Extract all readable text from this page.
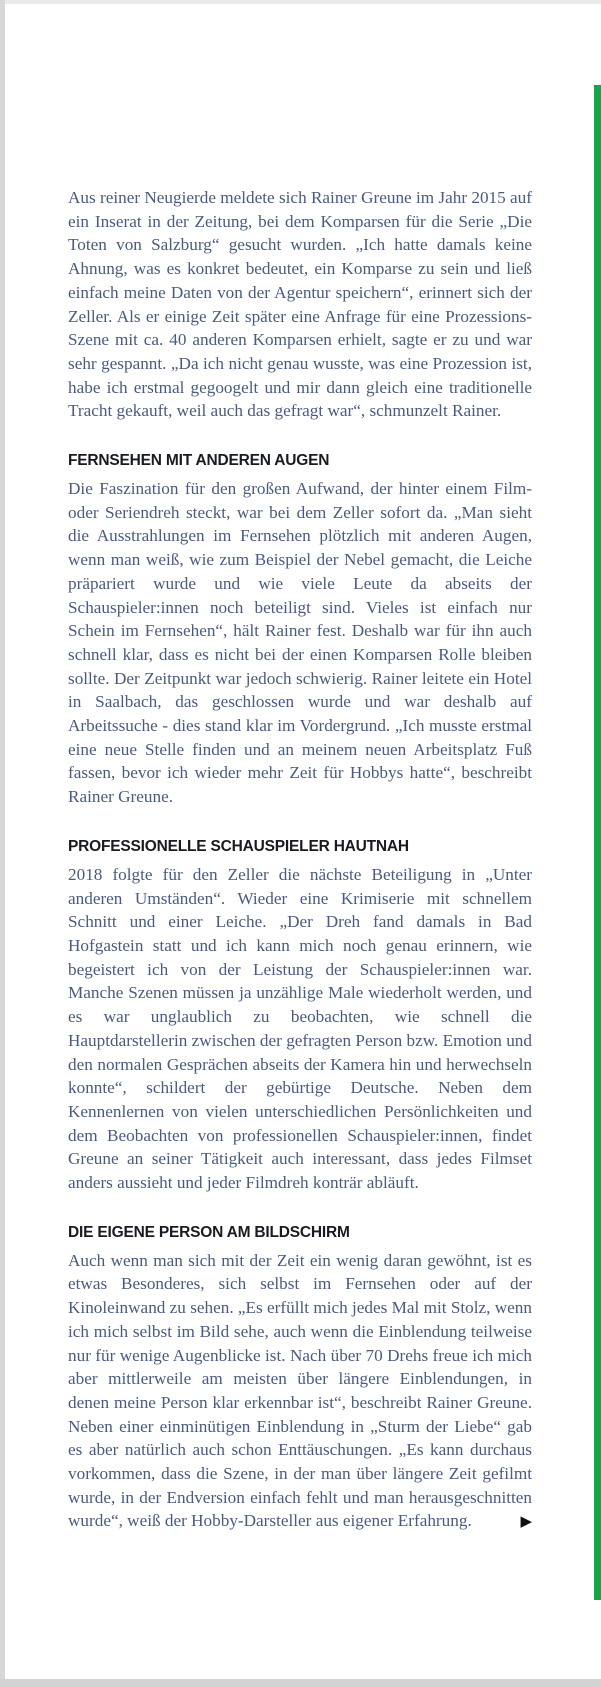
Aus reiner Neugierde meldete sich Rainer Greune im Jahr 2015 auf ein Inserat in der Zeitung, bei dem Komparsen für die Serie „Die Toten von Salzburg“ gesucht wurden. „Ich hatte damals keine Ahnung, was es konkret bedeutet, ein Komparse zu sein und ließ einfach meine Daten von der Agentur speichern“, erinnert sich der Zeller. Als er einige Zeit später eine Anfrage für eine Prozessions-Szene mit ca. 40 anderen Komparsen erhielt, sagte er zu und war sehr gespannt. „Da ich nicht genau wusste, was eine Prozession ist, habe ich erstmal gegoogelt und mir dann gleich eine traditionelle Tracht gekauft, weil auch das gefragt war“, schmunzelt Rainer.

FERNSEHEN MIT ANDEREN AUGEN

Die Faszination für den großen Aufwand, der hinter einem Film- oder Seriendreh steckt, war bei dem Zeller sofort da. „Man sieht die Ausstrahlungen im Fernsehen plötzlich mit anderen Augen, wenn man weiß, wie zum Beispiel der Nebel gemacht, die Leiche präpariert wurde und wie viele Leute da abseits der Schauspieler:innen noch beteiligt sind. Vieles ist einfach nur Schein im Fernsehen“, hält Rainer fest. Deshalb war für ihn auch schnell klar, dass es nicht bei der einen Komparsen Rolle bleiben sollte. Der Zeitpunkt war jedoch schwierig. Rainer leitete ein Hotel in Saalbach, das geschlossen wurde und war deshalb auf Arbeitssuche - dies stand klar im Vordergrund. „Ich musste erstmal eine neue Stelle finden und an meinem neuen Arbeitsplatz Fuß fassen, bevor ich wieder mehr Zeit für Hobbys hatte“, beschreibt Rainer Greune.

PROFESSIONELLE SCHAUSPIELER HAUTNAH

2018 folgte für den Zeller die nächste Beteiligung in „Unter anderen Umständen“. Wieder eine Krimiserie mit schnellem Schnitt und einer Leiche. „Der Dreh fand damals in Bad Hofgastein statt und ich kann mich noch genau erinnern, wie begeistert ich von der Leistung der Schauspieler:innen war. Manche Szenen müssen ja unzählige Male wiederholt werden, und es war unglaublich zu beobachten, wie schnell die Hauptdarstellerin zwischen der gefragten Person bzw. Emotion und den normalen Gesprächen abseits der Kamera hin und herwechseln konnte“, schildert der gebürtige Deutsche. Neben dem Kennenlernen von vielen unterschiedlichen Persönlichkeiten und dem Beobachten von professionellen Schauspieler:innen, findet Greune an seiner Tätigkeit auch interessant, dass jedes Filmset anders aussieht und jeder Filmdreh konträr abläuft.

DIE EIGENE PERSON AM BILDSCHIRM

Auch wenn man sich mit der Zeit ein wenig daran gewöhnt, ist es etwas Besonderes, sich selbst im Fernsehen oder auf der Kinoleinwand zu sehen. „Es erfüllt mich jedes Mal mit Stolz, wenn ich mich selbst im Bild sehe, auch wenn die Einblendung teilweise nur für wenige Augenblicke ist. Nach über 70 Drehs freue ich mich aber mittlerweile am meisten über längere Einblendungen, in denen meine Person klar erkennbar ist“, beschreibt Rainer Greune. Neben einer einminütigen Einblendung in „Sturm der Liebe“ gab es aber natürlich auch schon Enttäuschungen. „Es kann durchaus vorkommen, dass die Szene, in der man über längere Zeit gefilmt wurde, in der Endversion einfach fehlt und man herausgeschnitten wurde“, weiß der Hobby-Darsteller aus eigener Erfahrung.	▶
